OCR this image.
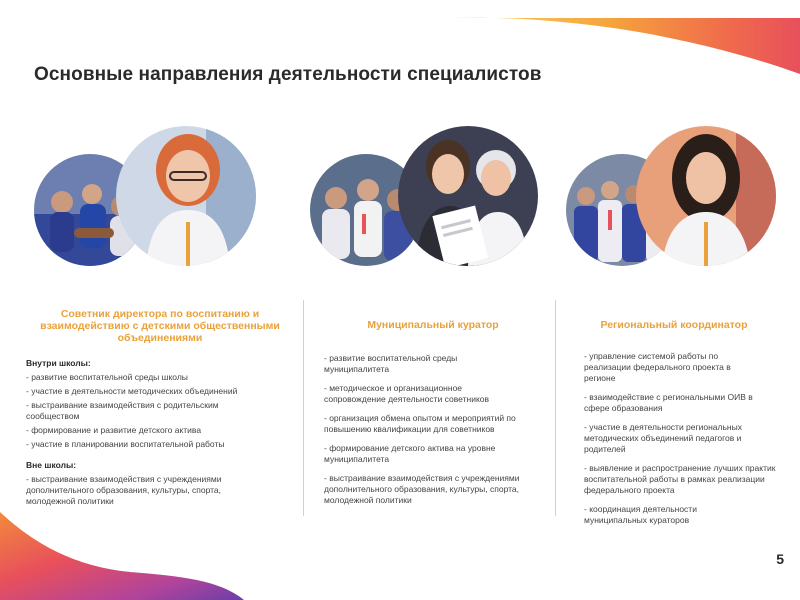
Основные направления деятельности специалистов
Советник директора по воспитанию и взаимодействию с детскими общественными объединениями
Внутри школы:
- развитие воспитательной среды школы
- участие в деятельности методических объединений
- выстраивание взаимодействия с родительским сообществом
- формирование и развитие детского актива
- участие в планировании воспитательной работы
Вне школы:
- выстраивание взаимодействия с учреждениями дополнительного образования, культуры, спорта, молодежной политики
Муниципальный куратор
- развитие воспитательной среды муниципалитета
- методическое и организационное сопровождение деятельности советников
- организация обмена опытом и мероприятий по повышению квалификации для советников
- формирование детского актива на уровне муниципалитета
- выстраивание взаимодействия с учреждениями дополнительного образования, культуры, спорта, молодежной политики
Региональный координатор
- управление системой работы по реализации федерального проекта в регионе
- взаимодействие с региональными ОИВ в сфере образования
- участие в деятельности региональных методических объединений педагогов и родителей
- выявление и распространение лучших практик воспитательной работы в рамках реализации федерального проекта
- координация деятельности муниципальных кураторов
5
